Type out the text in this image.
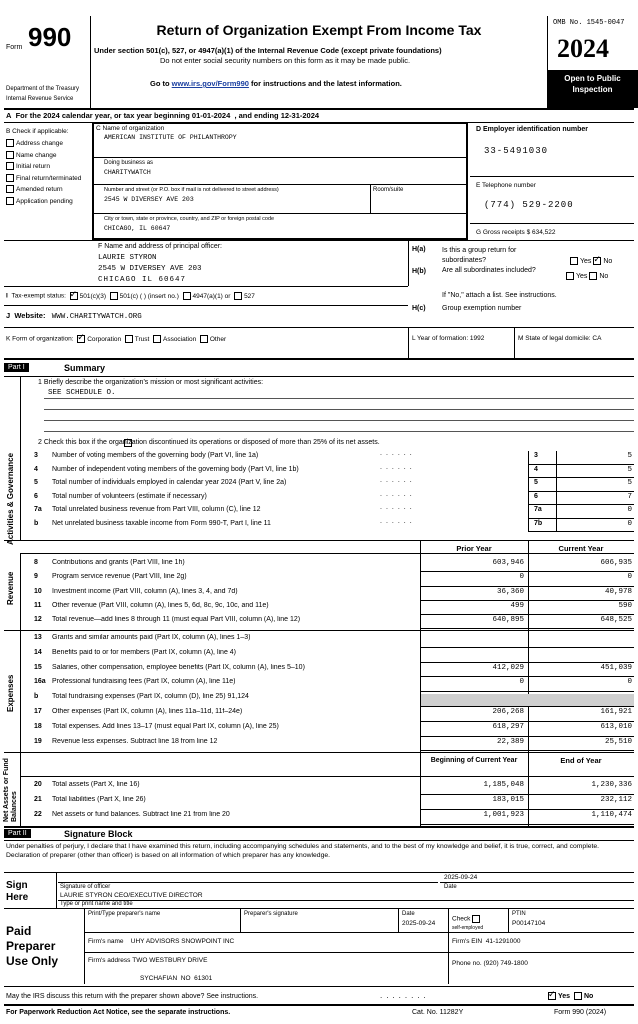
Form 990
Department of the Treasury
Internal Revenue Service
Return of Organization Exempt From Income Tax
Under section 501(c), 527, or 4947(a)(1) of the Internal Revenue Code (except private foundations)
Do not enter social security numbers on this form as it may be made public.
Go to www.irs.gov/Form990 for instructions and the latest information.
OMB No. 1545-0047
2024
Open to Public Inspection
A For the 2024 calendar year, or tax year beginning 01-01-2024 , and ending 12-31-2024
B Check if applicable:
Address change
Name change
Initial return
Final return/terminated
Amended return
Application pending
C Name of organization
AMERICAN INSTITUTE OF PHILANTHROPY
Doing business as
CHARITYWATCH
Number and street (or P.O. box if mail is not delivered to street address)	Room/suite
2545 W DIVERSEY AVE 203
City or town, state or province, country, and ZIP or foreign postal code
CHICAGO, IL 60647
D Employer identification number
33-5491030
E Telephone number
(774) 529-2200
G Gross receipts $ 634,522
F Name and address of principal officer:
LAURIE STYRON
2545 W DIVERSEY AVE 203
CHICAGO IL 60647
H(a) Is this a group return for subordinates?	Yes ✓ No
H(b) Are all subordinates included?
Yes No
If "No," attach a list. See instructions.
H(c) Group exemption number
I Tax-exempt status: ✓ 501(c)(3) 501(c) ( ) (insert no.) 4947(a)(1) or 527
J Website: WWW.CHARITYWATCH.ORG
K Form of organization: ✓ Corporation Trust Association Other	L Year of formation: 1992	M State of legal domicile: CA
Part I	Summary
1 Briefly describe the organization's mission or most significant activities:
SEE SCHEDULE O.
2 Check this box if the organization discontinued its operations or disposed of more than 25% of its net assets.
Activities & Governance	3 Number of voting members of the governing body (Part VI, line 1a)	......	3	5
4 Number of independent voting members of the governing body (Part VI, line 1b)	......	4	5
5 Total number of individuals employed in calendar year 2024 (Part V, line 2a)	......	5	5
6 Total number of volunteers (estimate if necessary)	......	6	7
7a Total unrelated business revenue from Part VIII, column (C), line 12	......	7a	0
b Net unrelated business taxable income from Form 990-T, Part I, line 11	......	7b	0
Prior Year	Current Year
Revenue
Expenses
Beginning of Current Year	End of Year
Net Assets or Fund Balances
8 Contributions and grants (Part VIII, line 1h)	603,946	606,935
9 Program service revenue (Part VIII, line 2g)	0	0
10 Investment income (Part VIII, column (A), lines 3, 4, and 7d)	36,360	40,978
11 Other revenue (Part VIII, column (A), lines 5, 6d, 8c, 9c, 10c, and 11e)	499	590
12 Total revenue—add lines 8 through 11 (must equal Part VIII, column (A), line 12)	640,895	648,525
13 Grants and similar amounts paid (Part IX, column (A), lines 1–3)
14 Benefits paid to or for members (Part IX, column (A), line 4)
15 Salaries, other compensation, employee benefits (Part IX, column (A), lines 5–10)	412,029	451,039
16a Professional fundraising fees (Part IX, column (A), line 11e)	0	0
b Total fundraising expenses (Part IX, column (D), line 25) 91,124
17 Other expenses (Part IX, column (A), lines 11a–11d, 11f–24e)	206,268	161,921
18 Total expenses. Add lines 13–17 (must equal Part IX, column (A), line 25)	618,297	613,010
19 Revenue less expenses. Subtract line 18 from line 12	22,389	25,510
20 Total assets (Part X, line 16)	1,185,048	1,230,336
21 Total liabilities (Part X, line 26)	183,015	232,112
22 Net assets or fund balances. Subtract line 21 from line 20	1,001,923	1,110,474
Part II	Signature Block
Under penalties of perjury, I declare that I have examined this return, including accompanying schedules and statements, and to the best of my knowledge and belief, it is true, correct, and complete. Declaration of preparer (other than officer) is based on all information of which preparer has any knowledge.
Sign Here
2025-09-24
Signature of officer	Date
LAURIE STYRON CEO/EXECUTIVE DIRECTOR
Type or print name and title
Paid Preparer Use Only
Print/Type preparer's name	Preparer's signature	Date
2025-09-24
Check
self-employed
PTIN
P00147104
Firm's name UHY ADVISORS SNOWPOINT INC	Firm's EIN 41-1291000
Firm's address TWO WESTBURY DRIVE
SYCHAFIAN  NO  61301
Phone no. (920) 749-1800
May the IRS discuss this return with the preparer shown above? See instructions.	........ ✓	Yes No
For Paperwork Reduction Act Notice, see the separate instructions.	Cat. No. 11282Y	Form 990 (2024)
